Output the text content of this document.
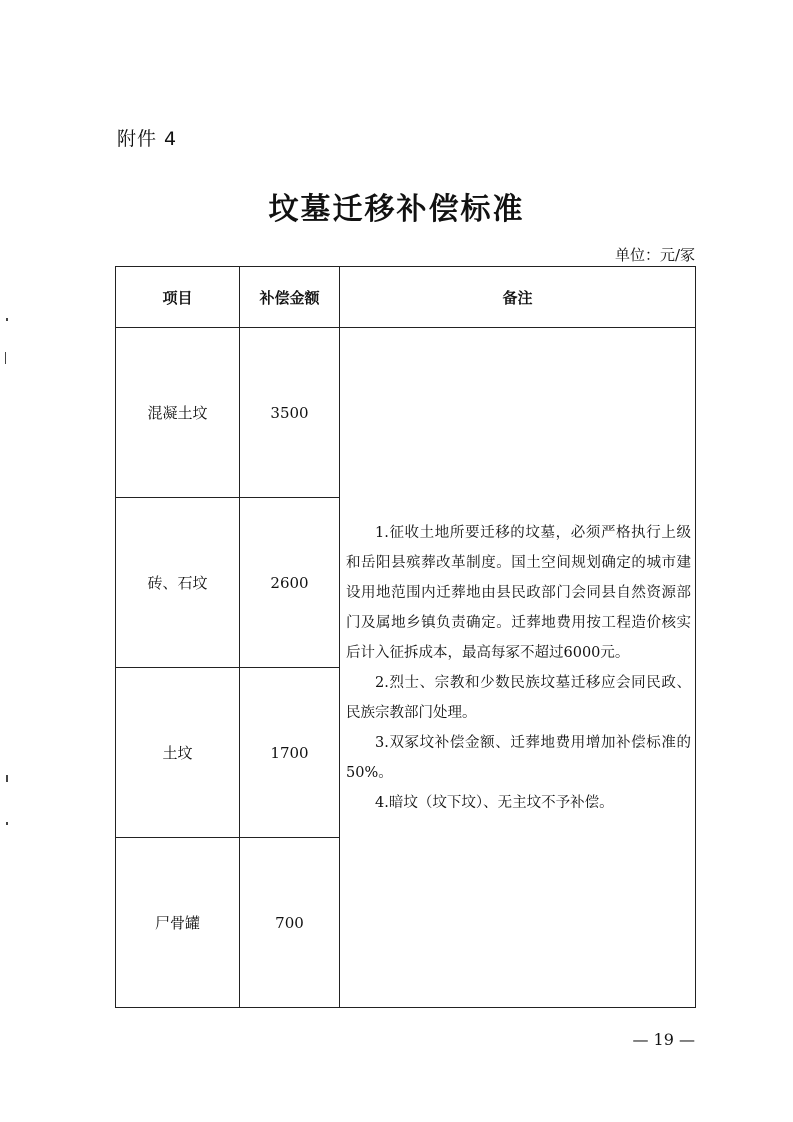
附件 4
坟墓迁移补偿标准
单位：元/冢
项目	补偿金额	备注
混凝土坟	3500	1.征收土地所要迁移的坟墓，必须严格执行上级和岳阳县殡葬改革制度。国土空间规划确定的城市建设用地范围内迁葬地由县民政部门会同县自然资源部门及属地乡镇负责确定。迁葬地费用按工程造价核实后计入征拆成本，最高每冢不超过6000元。

2.烈士、宗教和少数民族坟墓迁移应会同民政、民族宗教部门处理。

3.双冢坟补偿金额、迁葬地费用增加补偿标准的50%。

4.暗坟（坟下坟）、无主坟不予补偿。

砖、石坟	2600	
土坟	1700	
尸骨罐	700	
— 19 —
